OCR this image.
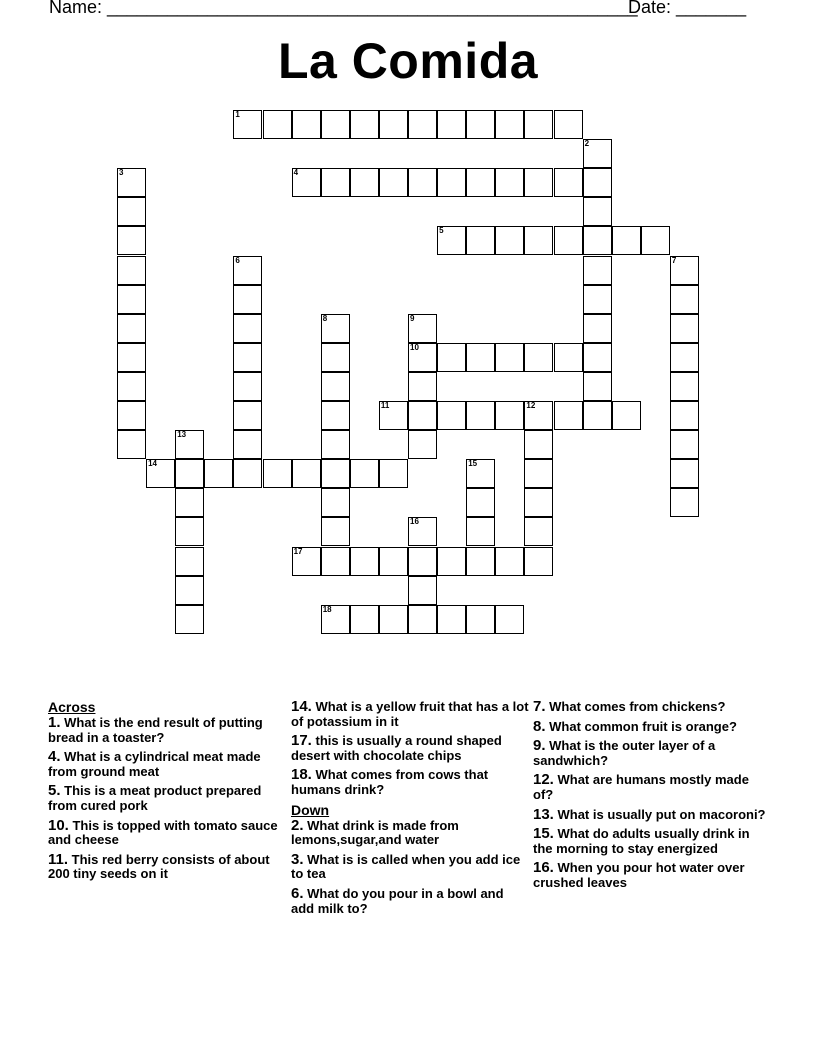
Name: _____________________________________________________
Date: _______
La Comida
1
2
3	4
5
6	7
8	9
10
11	12
13
14	15
16
17
18
Across
1. What is the end result of putting bread in a toaster?
4. What is a cylindrical meat made from ground meat
5. This is a meat product prepared from cured pork
10. This is topped with tomato sauce and cheese
11. This red berry consists of about 200 tiny seeds on it
14. What is a yellow fruit that has a lot of potassium in it
17. this is usually a round shaped desert with chocolate chips
18. What comes from cows that humans drink?
Down
2. What drink is made from lemons,sugar,and water
3. What is is called when you add ice to tea
6. What do you pour in a bowl and add milk to?
7. What comes from chickens?
8. What common fruit is orange?
9. What is the outer layer of a sandwhich?
12. What are humans mostly made of?
13. What is usually put on macoroni?
15. What do adults usually drink in the morning to stay energized
16. When you pour hot water over crushed leaves
